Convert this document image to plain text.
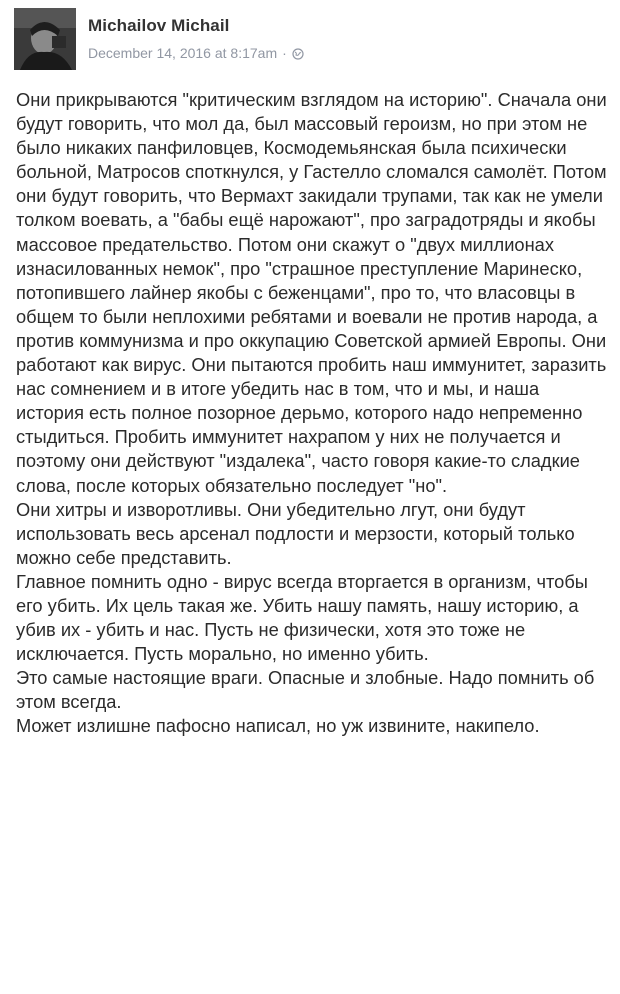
Michailov Michail
December 14, 2016 at 8:17am ·

Они прикрываются "критическим взглядом на историю". Сначала они будут говорить, что мол да, был массовый героизм, но при этом не было никаких панфиловцев, Космодемьянская была психически больной, Матросов споткнулся, у Гастелло сломался самолёт. Потом они будут говорить, что Вермахт закидали трупами, так как не умели толком воевать, а "бабы ещё нарожают", про заградотряды и якобы массовое предательство. Потом они скажут о "двух миллионах изнасилованных немок", про "страшное преступление Маринеско, потопившего лайнер якобы с беженцами", про то, что власовцы в общем то были неплохими ребятами и воевали не против народа, а против коммунизма и про оккупацию Советской армией Европы. Они работают как вирус. Они пытаются пробить наш иммунитет, заразить нас сомнением и в итоге убедить нас в том, что и мы, и наша история есть полное позорное дерьмо, которого надо непременно стыдиться. Пробить иммунитет нахрапом у них не получается и поэтому они действуют "издалека", часто говоря какие-то сладкие слова, после которых обязательно последует "но".

Они хитры и изворотливы. Они убедительно лгут, они будут использовать весь арсенал подлости и мерзости, который только можно себе представить.

Главное помнить одно - вирус всегда вторгается в организм, чтобы его убить. Их цель такая же. Убить нашу память, нашу историю, а убив их - убить и нас. Пусть не физически, хотя это тоже не исключается. Пусть морально, но именно убить.

Это самые настоящие враги. Опасные и злобные. Надо помнить об этом всегда.

Может излишне пафосно написал, но уж извините, накипело.
